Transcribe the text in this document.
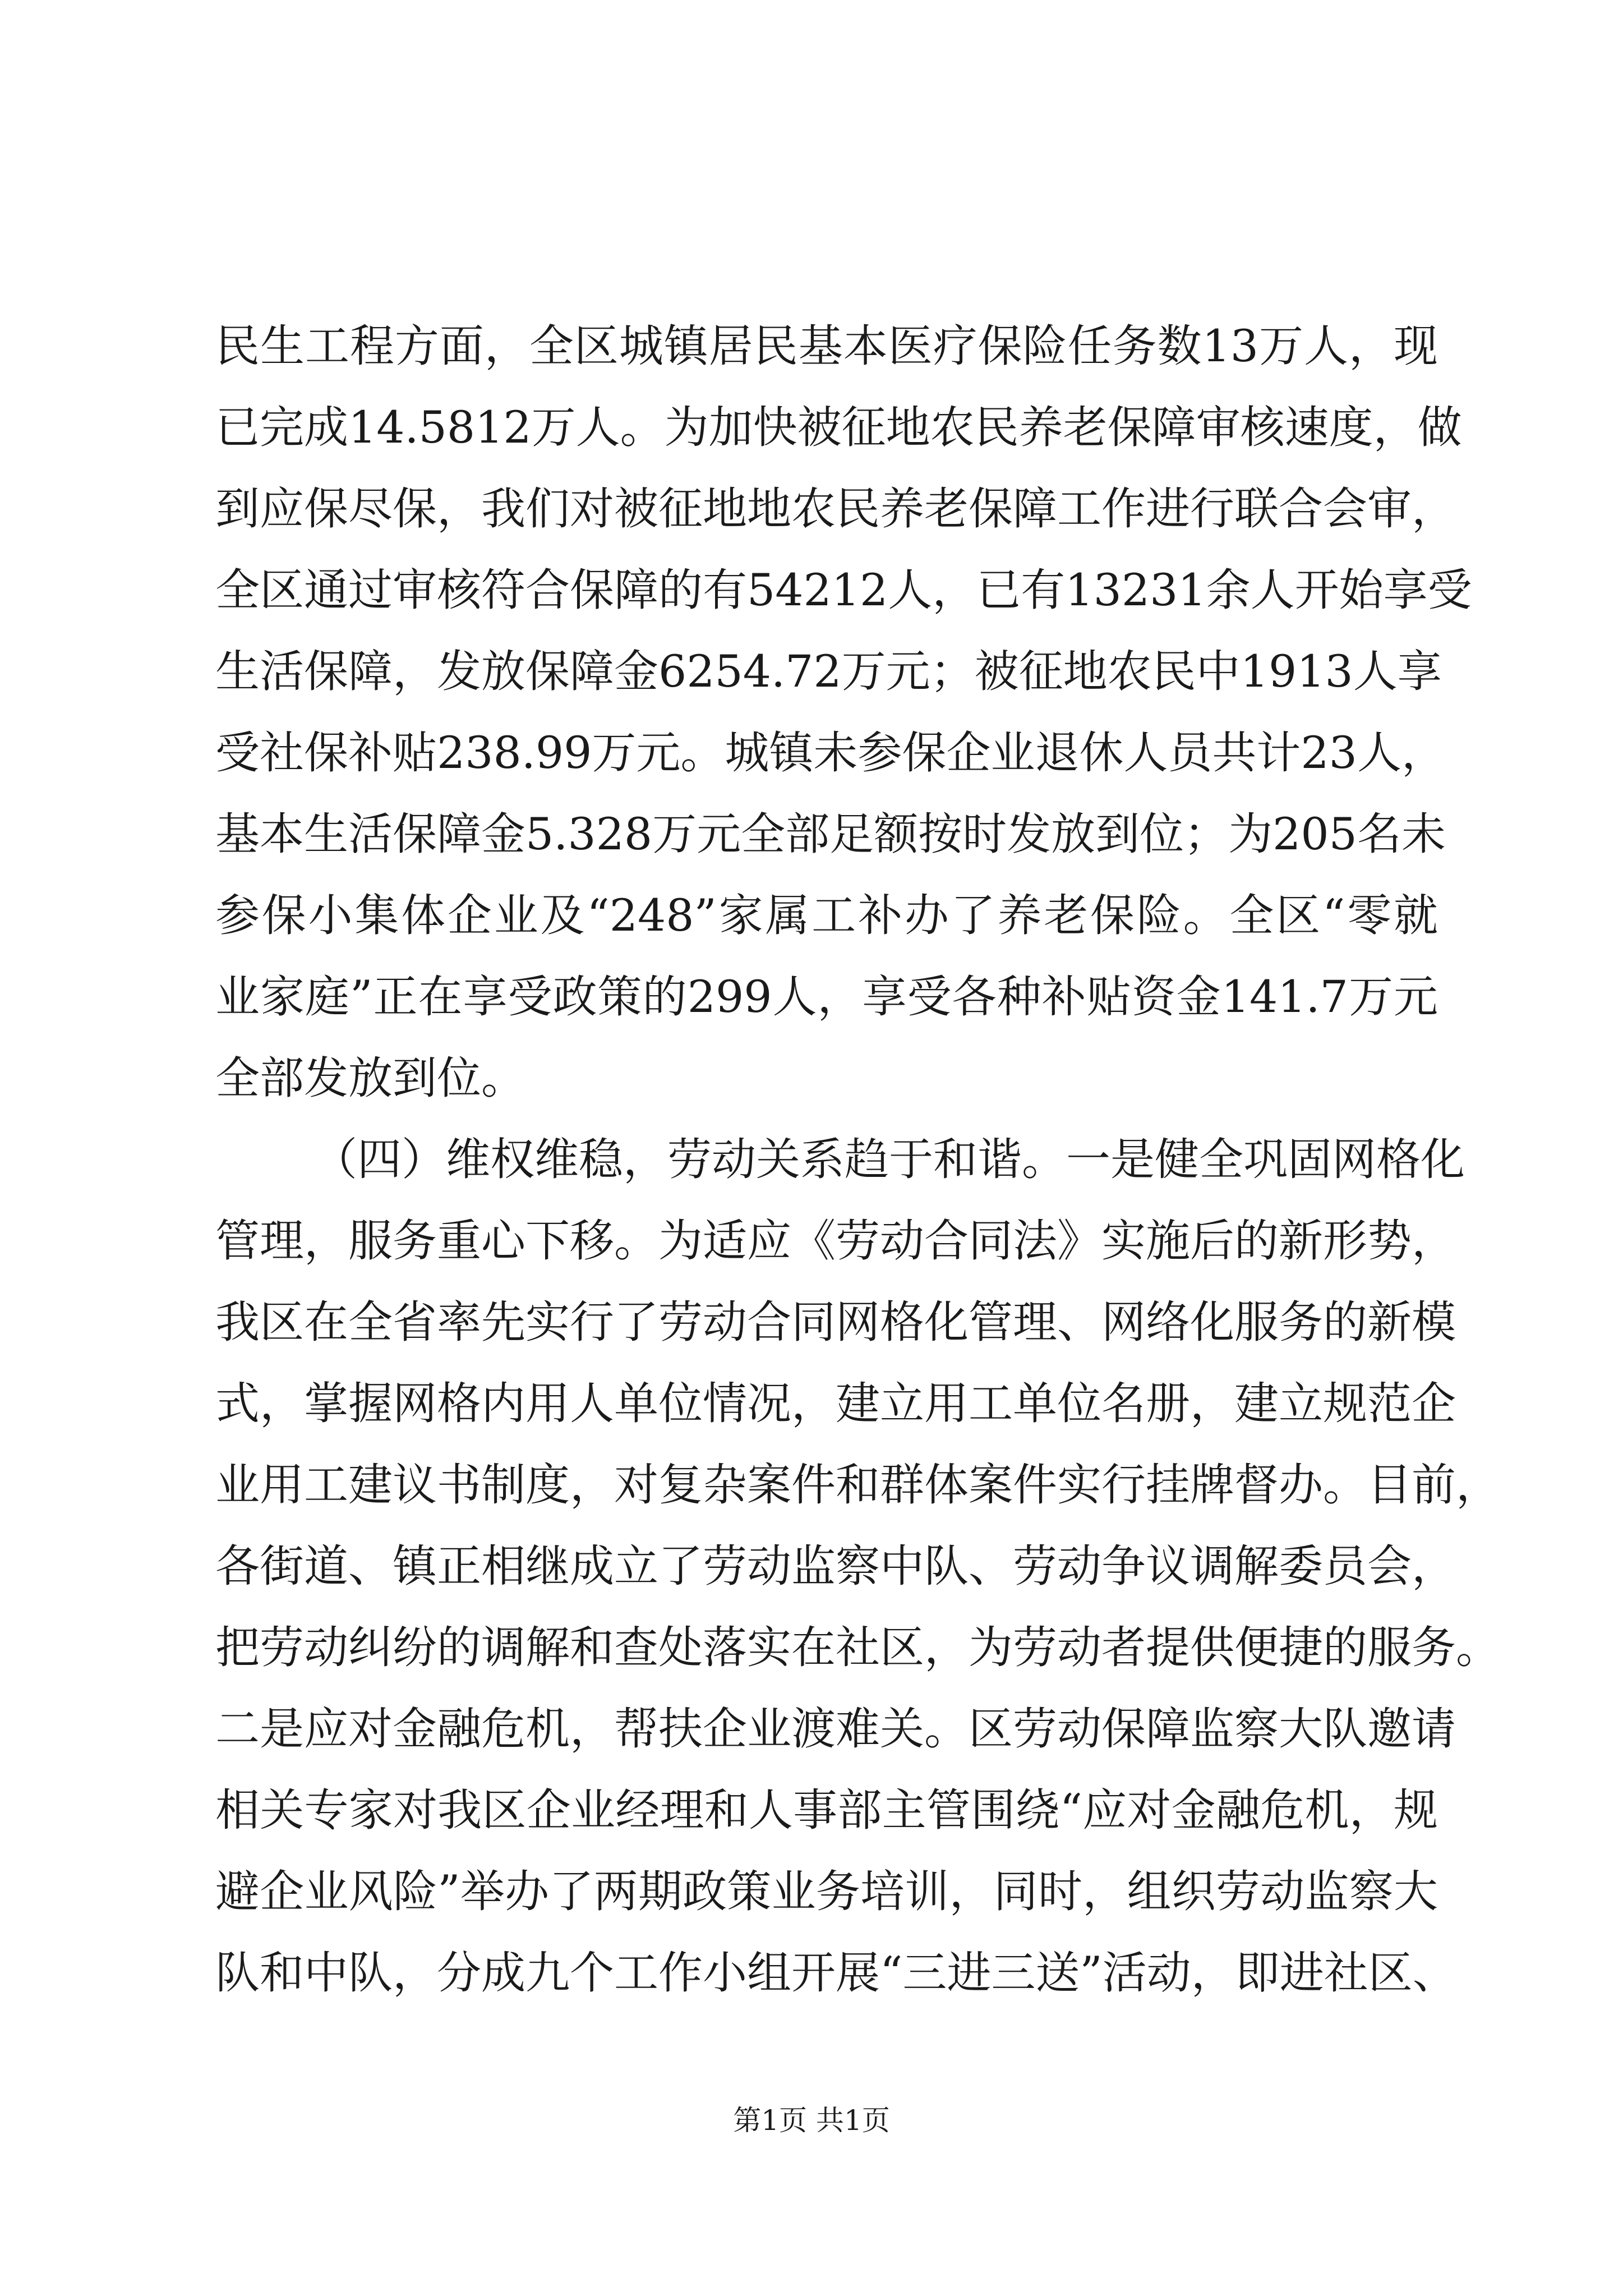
民生工程方面，全区城镇居民基本医疗保险任务数13万人，现
已完成14.5812万人。为加快被征地农民养老保障审核速度，做
到应保尽保，我们对被征地地农民养老保障工作进行联合会审，
全区通过审核符合保障的有54212人，已有13231余人开始享受
生活保障，发放保障金6254.72万元；被征地农民中1913人享
受社保补贴238.99万元。城镇未参保企业退休人员共计23人，
基本生活保障金5.328万元全部足额按时发放到位；为205名未
参保小集体企业及“248”家属工补办了养老保险。全区“零就
业家庭”正在享受政策的299人，享受各种补贴资金141.7万元
全部发放到位。
（四）维权维稳，劳动关系趋于和谐。一是健全巩固网格化
管理，服务重心下移。为适应《劳动合同法》实施后的新形势，
我区在全省率先实行了劳动合同网格化管理、网络化服务的新模
式，掌握网格内用人单位情况，建立用工单位名册，建立规范企
业用工建议书制度，对复杂案件和群体案件实行挂牌督办。目前，
各街道、镇正相继成立了劳动监察中队、劳动争议调解委员会，
把劳动纠纷的调解和查处落实在社区，为劳动者提供便捷的服务。
二是应对金融危机，帮扶企业渡难关。区劳动保障监察大队邀请
相关专家对我区企业经理和人事部主管围绕“应对金融危机，规
避企业风险”举办了两期政策业务培训，同时，组织劳动监察大
队和中队，分成九个工作小组开展“三进三送”活动，即进社区、
第1页 共1页
